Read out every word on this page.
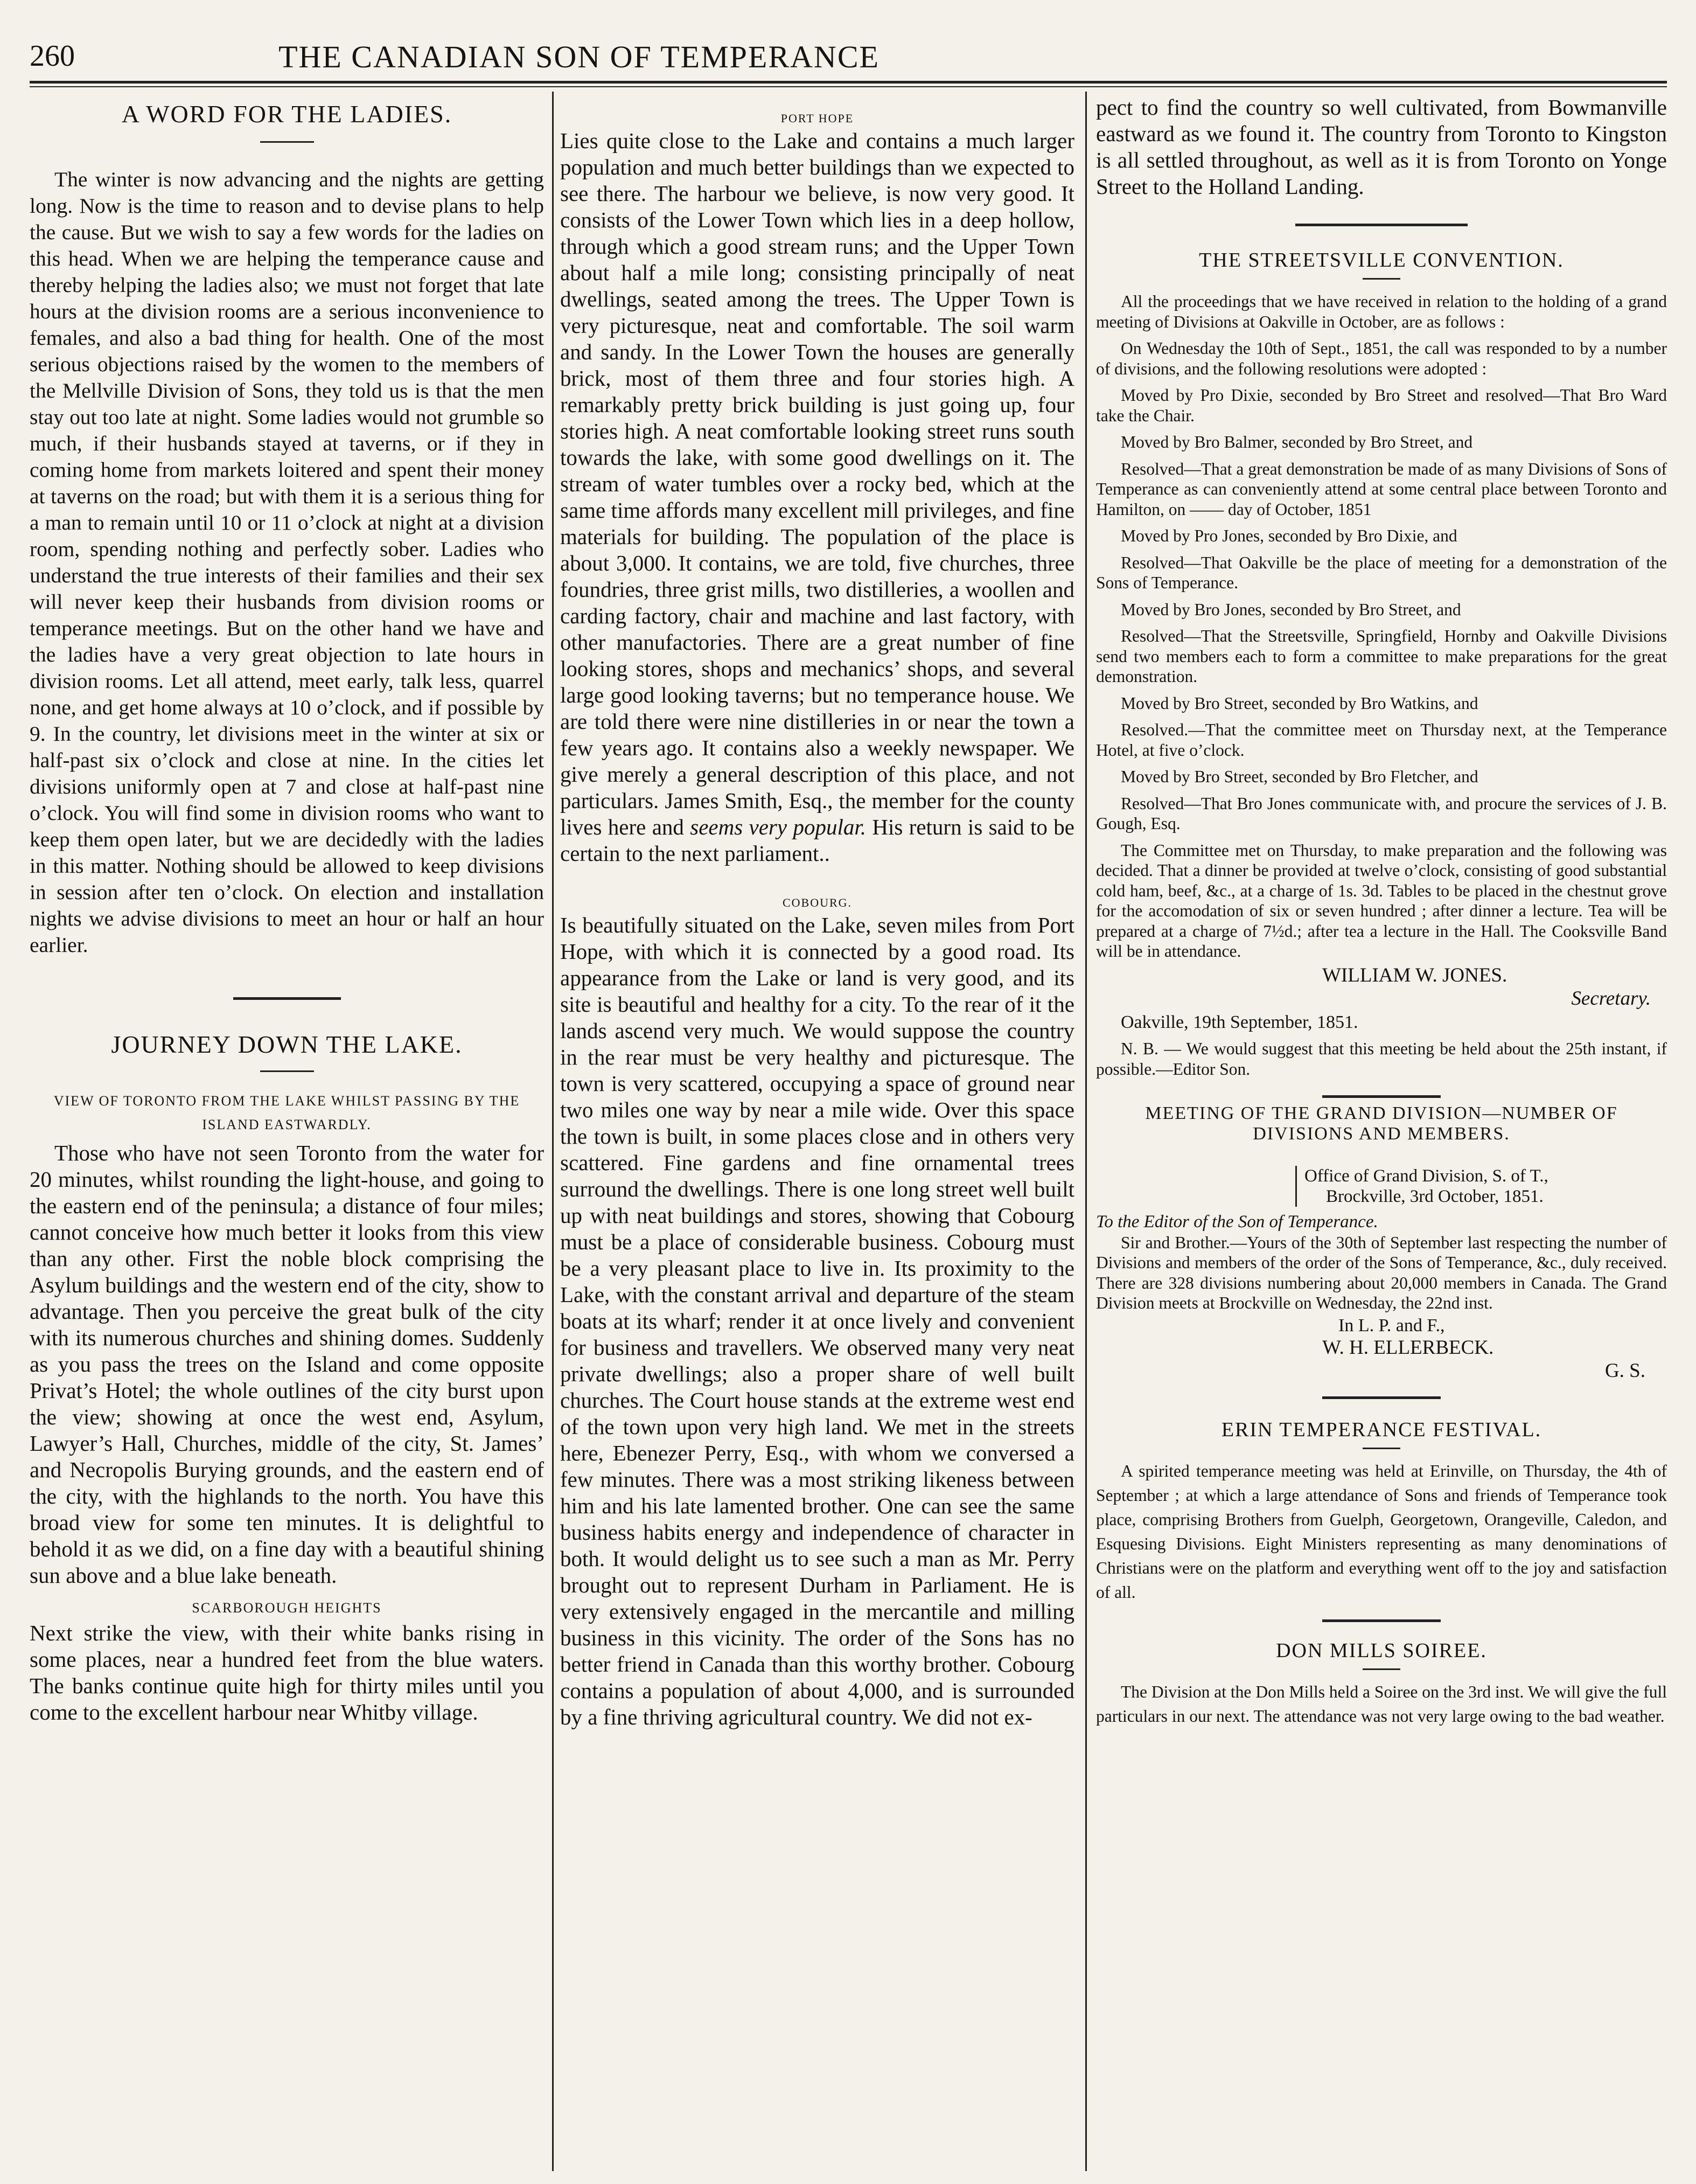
260	THE CANADIAN SON OF TEMPERANCE
A WORD FOR THE LADIES.

The winter is now advancing and the nights are getting long. Now is the time to reason and to devise plans to help the cause. But we wish to say a few words for the ladies on this head. When we are helping the temperance cause and thereby helping the ladies also; we must not forget that late hours at the division rooms are a serious inconvenience to females, and also a bad thing for health. One of the most serious objections raised by the women to the members of the Mellville Division of Sons, they told us is that the men stay out too late at night. Some ladies would not grumble so much, if their husbands stayed at taverns, or if they in coming home from markets loitered and spent their money at taverns on the road; but with them it is a serious thing for a man to remain until 10 or 11 o’clock at night at a division room, spending nothing and perfectly sober. Ladies who understand the true interests of their families and their sex will never keep their husbands from division rooms or temperance meetings. But on the other hand we have and the ladies have a very great objection to late hours in division rooms. Let all attend, meet early, talk less, quarrel none, and get home always at 10 o’clock, and if possible by 9. In the country, let divisions meet in the winter at six or half-past six o’clock and close at nine. In the cities let divisions uniformly open at 7 and close at half-past nine o’clock. You will find some in division rooms who want to keep them open later, but we are decidedly with the ladies in this matter. Nothing should be allowed to keep divisions in session after ten o’clock. On election and installation nights we advise divisions to meet an hour or half an hour earlier.

JOURNEY DOWN THE LAKE.
VIEW OF TORONTO FROM THE LAKE WHILST PASSING BY THE ISLAND EASTWARDLY.

Those who have not seen Toronto from the water for 20 minutes, whilst rounding the light-house, and going to the eastern end of the peninsula; a distance of four miles; cannot conceive how much better it looks from this view than any other. First the noble block comprising the Asylum buildings and the western end of the city, show to advantage. Then you perceive the great bulk of the city with its numerous churches and shining domes. Suddenly as you pass the trees on the Island and come opposite Privat’s Hotel; the whole outlines of the city burst upon the view; showing at once the west end, Asylum, Lawyer’s Hall, Churches, middle of the city, St. James’ and Necropolis Burying grounds, and the eastern end of the city, with the highlands to the north. You have this broad view for some ten minutes. It is delightful to behold it as we did, on a fine day with a beautiful shining sun above and a blue lake beneath.

SCARBOROUGH HEIGHTS

Next strike the view, with their white banks rising in some places, near a hundred feet from the blue waters. The banks continue quite high for thirty miles until you come to the excellent harbour near Whitby village.

PORT HOPE

Lies quite close to the Lake and contains a much larger population and much better buildings than we expected to see there. The harbour we believe, is now very good. It consists of the Lower Town which lies in a deep hollow, through which a good stream runs; and the Upper Town about half a mile long; consisting principally of neat dwellings, seated among the trees. The Upper Town is very picturesque, neat and comfortable. The soil warm and sandy. In the Lower Town the houses are generally brick, most of them three and four stories high. A remarkably pretty brick building is just going up, four stories high. A neat comfortable looking street runs south towards the lake, with some good dwellings on it. The stream of water tumbles over a rocky bed, which at the same time affords many excellent mill privileges, and fine materials for building. The population of the place is about 3,000. It contains, we are told, five churches, three foundries, three grist mills, two distilleries, a woollen and carding factory, chair and machine and last factory, with other manufactories. There are a great number of fine looking stores, shops and mechanics’ shops, and several large good looking taverns; but no temperance house. We are told there were nine distilleries in or near the town a few years ago. It contains also a weekly newspaper. We give merely a general description of this place, and not particulars. James Smith, Esq., the member for the county lives here and seems very popular. His return is said to be certain to the next parliament..

COBOURG.

Is beautifully situated on the Lake, seven miles from Port Hope, with which it is connected by a good road. Its appearance from the Lake or land is very good, and its site is beautiful and healthy for a city. To the rear of it the lands ascend very much. We would suppose the country in the rear must be very healthy and picturesque. The town is very scattered, occupying a space of ground near two miles one way by near a mile wide. Over this space the town is built, in some places close and in others very scattered. Fine gardens and fine ornamental trees surround the dwellings. There is one long street well built up with neat buildings and stores, showing that Cobourg must be a place of considerable business. Cobourg must be a very pleasant place to live in. Its proximity to the Lake, with the constant arrival and departure of the steam boats at its wharf; render it at once lively and convenient for business and travellers. We observed many very neat private dwellings; also a proper share of well built churches. The Court house stands at the extreme west end of the town upon very high land. We met in the streets here, Ebenezer Perry, Esq., with whom we conversed a few minutes. There was a most striking likeness between him and his late lamented brother. One can see the same business habits energy and independence of character in both. It would delight us to see such a man as Mr. Perry brought out to represent Durham in Parliament. He is very extensively engaged in the mercantile and milling business in this vicinity. The order of the Sons has no better friend in Canada than this worthy brother. Cobourg contains a population of about 4,000, and is surrounded by a fine thriving agricultural country. We did not ex-

pect to find the country so well cultivated, from Bowmanville eastward as we found it. The country from Toronto to Kingston is all settled throughout, as well as it is from Toronto on Yonge Street to the Holland Landing.

THE STREETSVILLE CONVENTION.

All the proceedings that we have received in relation to the holding of a grand meeting of Divisions at Oakville in October, are as follows :

On Wednesday the 10th of Sept., 1851, the call was responded to by a number of divisions, and the following resolutions were adopted :

Moved by Pro Dixie, seconded by Bro Street and resolved—That Bro Ward take the Chair.

Moved by Bro Balmer, seconded by Bro Street, and

Resolved—That a great demonstration be made of as many Divisions of Sons of Temperance as can conveniently attend at some central place between Toronto and Hamilton, on —— day of October, 1851

Moved by Pro Jones, seconded by Bro Dixie, and

Resolved—That Oakville be the place of meeting for a demonstration of the Sons of Temperance.

Moved by Bro Jones, seconded by Bro Street, and

Resolved—That the Streetsville, Springfield, Hornby and Oakville Divisions send two members each to form a committee to make preparations for the great demonstration.

Moved by Bro Street, seconded by Bro Watkins, and

Resolved.—That the committee meet on Thursday next, at the Temperance Hotel, at five o’clock.

Moved by Bro Street, seconded by Bro Fletcher, and

Resolved—That Bro Jones communicate with, and procure the services of J. B. Gough, Esq.

The Committee met on Thursday, to make preparation and the following was decided. That a dinner be provided at twelve o’clock, consisting of good substantial cold ham, beef, &c., at a charge of 1s. 3d. Tables to be placed in the chestnut grove for the accomodation of six or seven hundred ; after dinner a lecture. Tea will be prepared at a charge of 7½d.; after tea a lecture in the Hall. The Cooksville Band will be in attendance.

WILLIAM W. JONES.
Secretary.

Oakville, 19th September, 1851.

N. B. — We would suggest that this meeting be held about the 25th instant, if possible.—Editor Son.

MEETING OF THE GRAND DIVISION—NUMBER OF DIVISIONS AND MEMBERS.
Office of Grand Division, S. of T.,
Brockville, 3rd October, 1851.

To the Editor of the Son of Temperance.

Sir and Brother.—Yours of the 30th of September last respecting the number of Divisions and members of the order of the Sons of Temperance, &c., duly received. There are 328 divisions numbering about 20,000 members in Canada. The Grand Division meets at Brockville on Wednesday, the 22nd inst.

In L. P. and F.,
W. H. ELLERBECK.
G. S.
ERIN TEMPERANCE FESTIVAL.

A spirited temperance meeting was held at Erinville, on Thursday, the 4th of September ; at which a large attendance of Sons and friends of Temperance took place, comprising Brothers from Guelph, Georgetown, Orangeville, Caledon, and Esquesing Divisions. Eight Ministers representing as many denominations of Christians were on the platform and everything went off to the joy and satisfaction of all.

DON MILLS SOIREE.

The Division at the Don Mills held a Soiree on the 3rd inst. We will give the full particulars in our next. The attendance was not very large owing to the bad weather.
